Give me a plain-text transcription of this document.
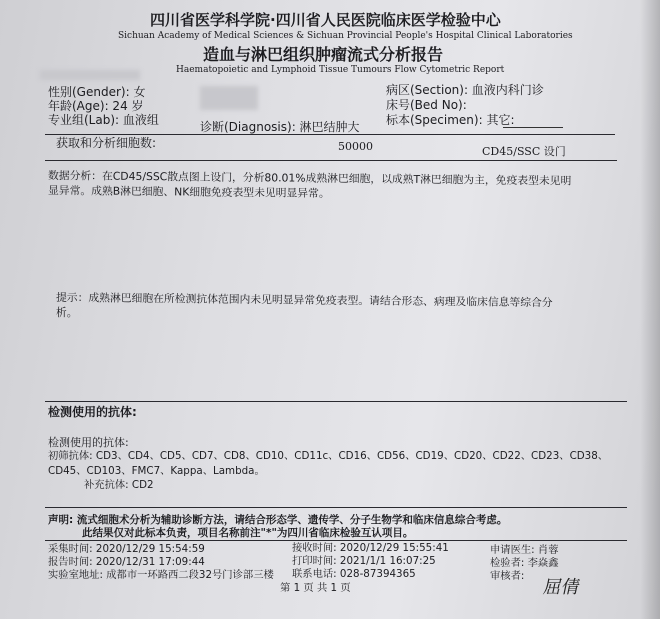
四川省医学科学院·四川省人民医院临床医学检验中心
Sichuan Academy of Medical Sciences & Sichuan Provincial People's Hospital Clinical Laboratories
造血与淋巴组织肿瘤流式分析报告
Haematopoietic and Lymphoid Tissue Tumours Flow Cytometric Report
性别(Gender): 女
年龄(Age): 24 岁
专业组(Lab): 血液组
病区(Section): 血液内科门诊
床号(Bed No):
标本(Specimen): 其它:
诊断(Diagnosis): 淋巴结肿大
获取和分析细胞数:	50000	CD45/SSC 设门
数据分析：在CD45/SSC散点图上设门，分析80.01%成熟淋巴细胞，以成熟T淋巴细胞为主，免疫表型未见明
显异常。成熟B淋巴细胞、NK细胞免疫表型未见明显异常。
提示：成熟淋巴细胞在所检测抗体范围内未见明显异常免疫表型。请结合形态、病理及临床信息等综合分
析。
检测使用的抗体:
检测使用的抗体:
初筛抗体: CD3、CD4、CD5、CD7、CD8、CD10、CD11c、CD16、CD56、CD19、CD20、CD22、CD23、CD38、
CD45、CD103、FMC7、Kappa、Lambda。
补充抗体: CD2
声明: 流式细胞术分析为辅助诊断方法，请结合形态学、遗传学、分子生物学和临床信息综合考虑。
此结果仅对此标本负责，项目名称前注"*"为四川省临床检验互认项目。
采集时间: 2020/12/29 15:54:59
报告时间: 2020/12/31 17:09:44
实验室地址: 成都市一环路西二段32号门诊部三楼
接收时间: 2020/12/29 15:55:41
打印时间: 2021/1/1 16:07:25
联系电话: 028-87394365
申请医生: 肖蓉
检验者: 李焱鑫
审核者:
屈倩
第 1 页 共 1 页
